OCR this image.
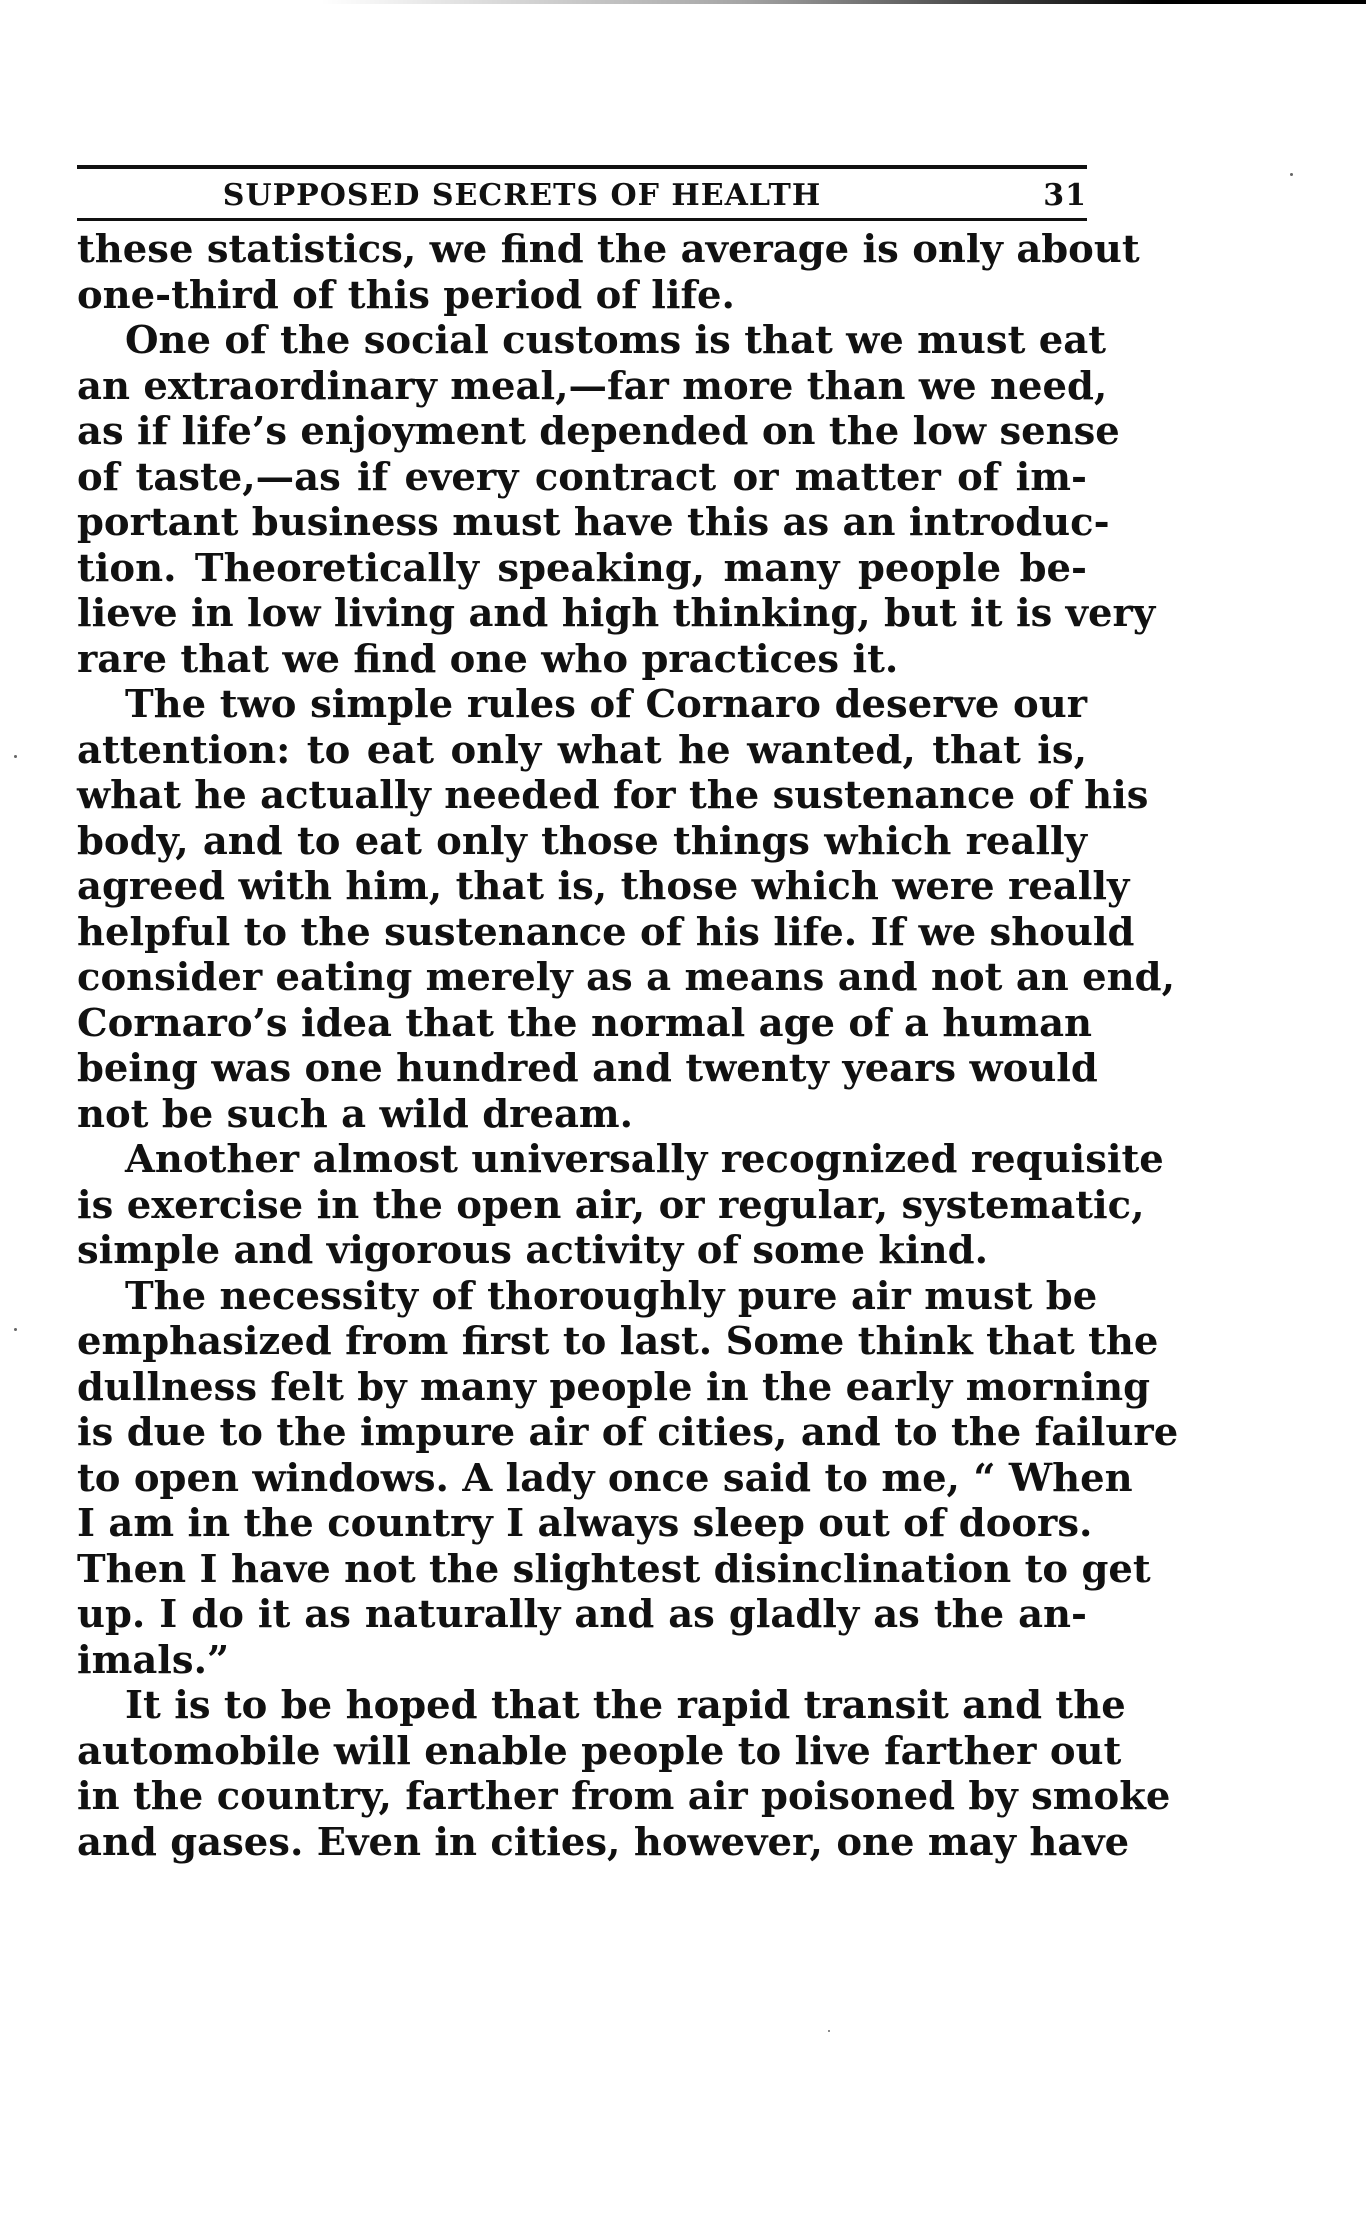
SUPPOSED SECRETS OF HEALTH	31
these statistics, we find the average is only about
one-third of this period of life.
One of the social customs is that we must eat
an extraordinary meal,—far more than we need,
as if life’s enjoyment depended on the low sense
of taste,—as if every contract or matter of im-
portant business must have this as an introduc-
tion. Theoretically speaking, many people be-
lieve in low living and high thinking, but it is very
rare that we find one who practices it.
The two simple rules of Cornaro deserve our
attention: to eat only what he wanted, that is,
what he actually needed for the sustenance of his
body, and to eat only those things which really
agreed with him, that is, those which were really
helpful to the sustenance of his life. If we should
consider eating merely as a means and not an end,
Cornaro’s idea that the normal age of a human
being was one hundred and twenty years would
not be such a wild dream.
Another almost universally recognized requisite
is exercise in the open air, or regular, systematic,
simple and vigorous activity of some kind.
The necessity of thoroughly pure air must be
emphasized from first to last. Some think that the
dullness felt by many people in the early morning
is due to the impure air of cities, and to the failure
to open windows. A lady once said to me, “ When
I am in the country I always sleep out of doors.
Then I have not the slightest disinclination to get
up. I do it as naturally and as gladly as the an-
imals.”
It is to be hoped that the rapid transit and the
automobile will enable people to live farther out
in the country, farther from air poisoned by smoke
and gases. Even in cities, however, one may have
